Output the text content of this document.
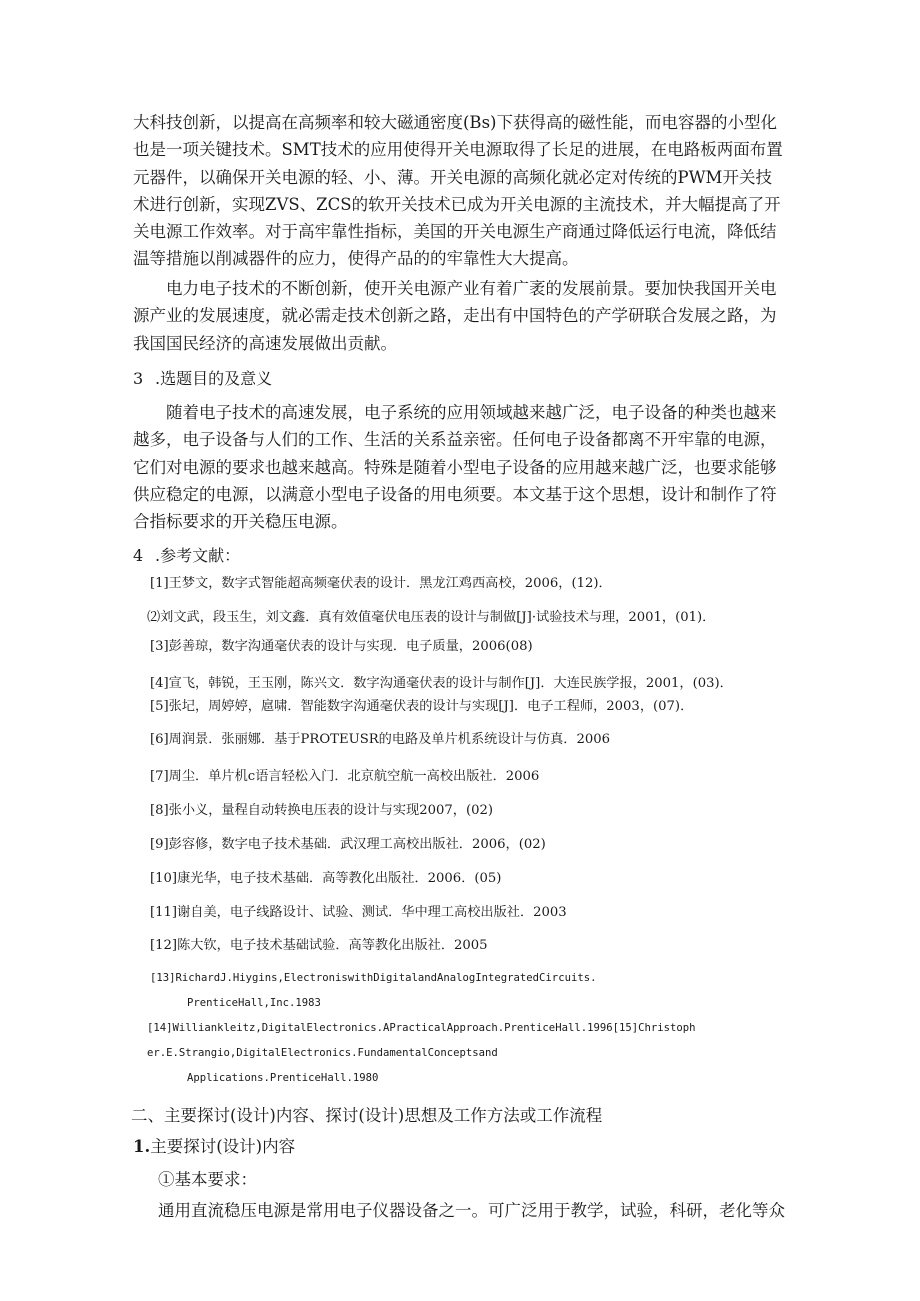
大科技创新，以提高在高频率和较大磁通密度(Bs)下获得高的磁性能，而电容器的小型化
也是一项关键技术。SMT技术的应用使得开关电源取得了长足的进展，在电路板两面布置
元器件，以确保开关电源的轻、小、薄。开关电源的高频化就必定对传统的PWM开关技
术进行创新，实现ZVS、ZCS的软开关技术已成为开关电源的主流技术，并大幅提高了开
关电源工作效率。对于高牢靠性指标，美国的开关电源生产商通过降低运行电流，降低结
温等措施以削减器件的应力，使得产品的的牢靠性大大提高。
电力电子技术的不断创新，使开关电源产业有着广袤的发展前景。要加快我国开关电
源产业的发展速度，就必需走技术创新之路，走出有中国特色的产学研联合发展之路，为
我国国民经济的高速发展做出贡献。
3 .选题目的及意义
随着电子技术的高速发展，电子系统的应用领域越来越广泛，电子设备的种类也越来
越多，电子设备与人们的工作、生活的关系益亲密。任何电子设备都离不开牢靠的电源，
它们对电源的要求也越来越高。特殊是随着小型电子设备的应用越来越广泛，也要求能够
供应稳定的电源，以满意小型电子设备的用电须要。本文基于这个思想，设计和制作了符
合指标要求的开关稳压电源。
4 .参考文献：
[1]王梦文，数字式智能超高频毫伏表的设计．黑龙江鸡西高校，2006，(12)．
⑵刘文武，段玉生，刘文鑫．真有效值毫伏电压表的设计与制做[J]·试验技术与理，2001，(01)．
[3]彭善琼，数字沟通毫伏表的设计与实现．电子质量，2006(08)
[4]宣飞，韩锐，王玉刚，陈兴文．数字沟通毫伏表的设计与制作[J]．大连民族学报，2001，(03)．
[5]张圮，周婷婷，扈啸．智能数字沟通毫伏表的设计与实现[J]．电子工程师，2003，(07)．
[6]周润景．张丽娜．基于PROTEUSR的电路及单片机系统设计与仿真．2006
[7]周尘．单片机c语言轻松入门．北京航空航一高校出版社．2006
[8]张小义，量程自动转换电压表的设计与实现2007，(02)
[9]彭容修，数字电子技术基础．武汉理工高校出版社．2006，(02)
[10]康光华，电子技术基础．高等教化出版社．2006．(05)
[11]谢自美，电子线路设计、试验、测试．华中理工高校出版社．2003
[12]陈大钦，电子技术基础试验．高等教化出版社．2005
[13]RichardJ.Hiygins,ElectroniswithDigitalandAnalogIntegratedCircuits.
PrenticeHall,Inc.1983
[14]Williankleitz,DigitalElectronics.APracticalApproach.PrenticeHall.1996[15]Christoph
er.E.Strangio,DigitalElectronics.FundamentalConceptsand
Applications.PrenticeHall.1980
二、主要探讨(设计)内容、探讨(设计)思想及工作方法或工作流程
1.主要探讨(设计)内容
①基本要求：
通用直流稳压电源是常用电子仪器设备之一。可广泛用于教学，试验，科研，老化等众
